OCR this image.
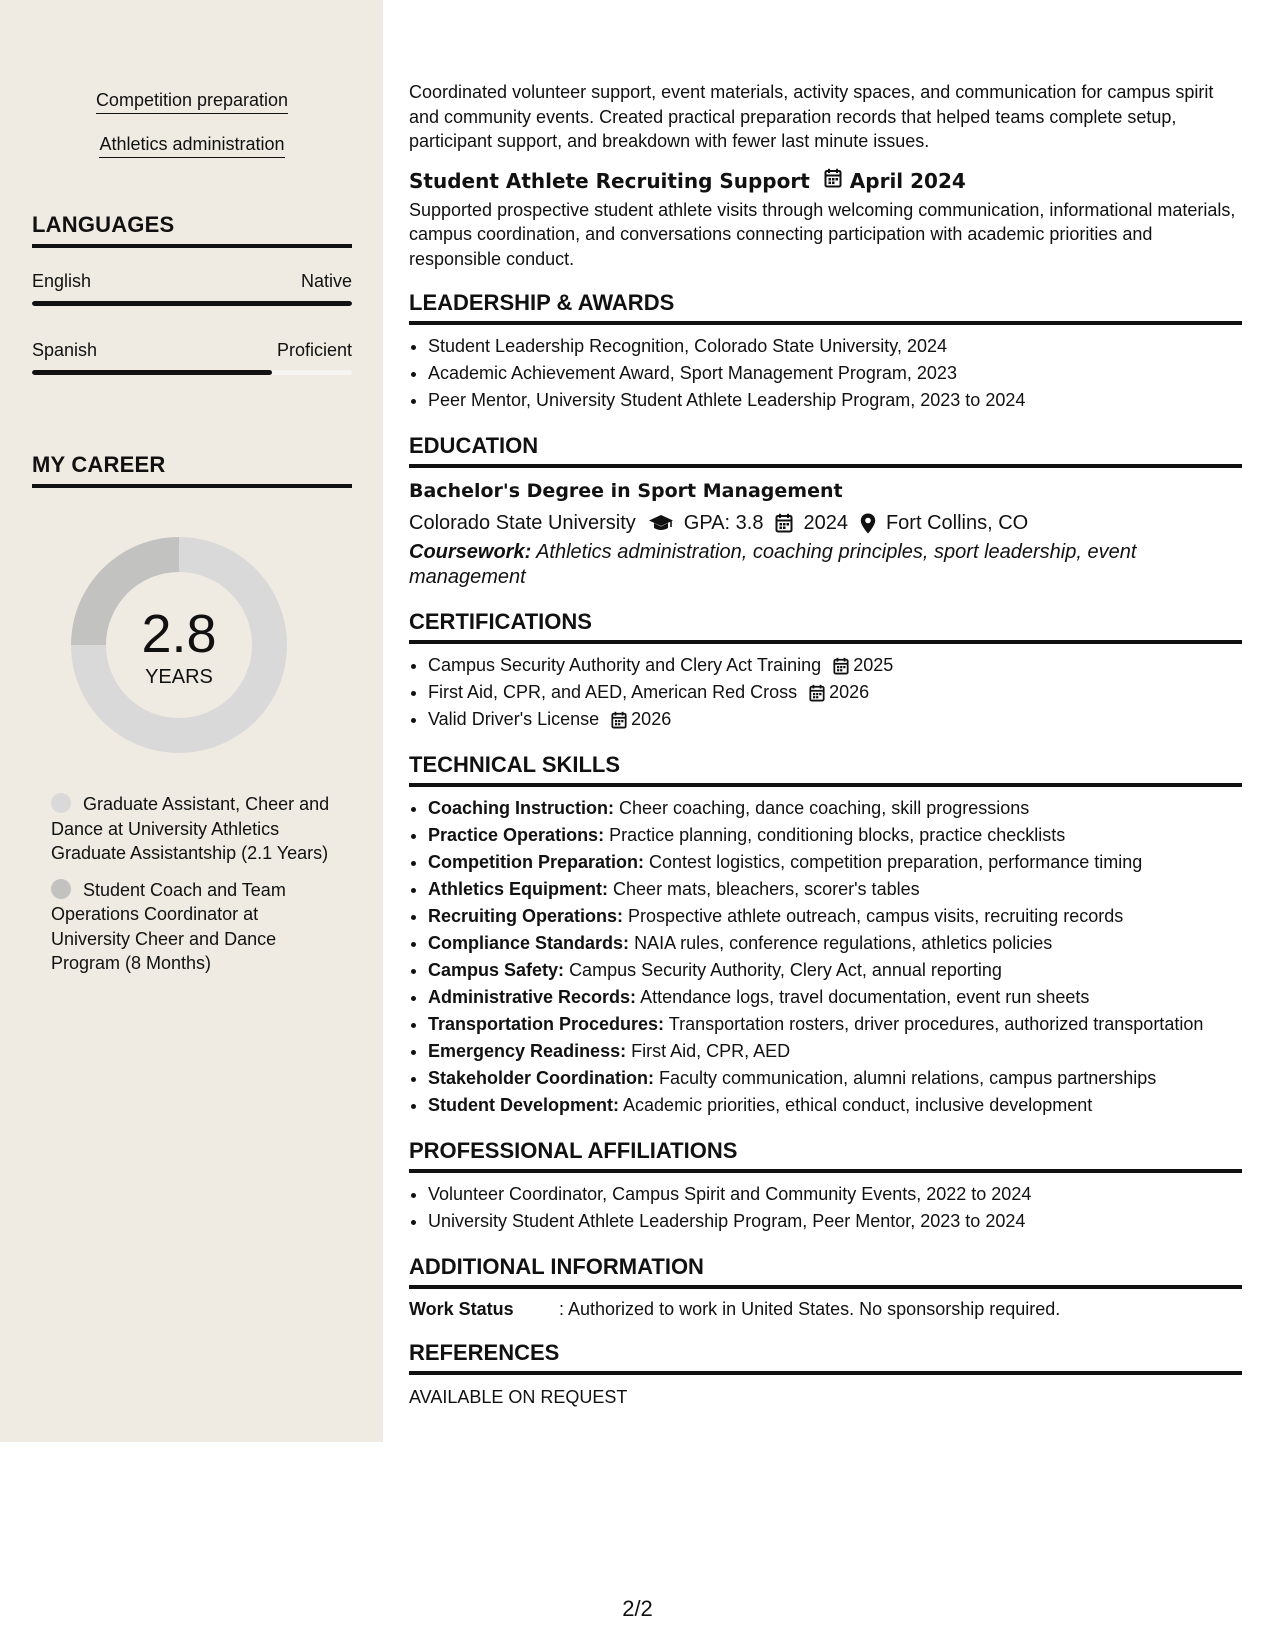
Competition preparation
Athletics administration
LANGUAGES
English	Native
Spanish	Proficient
MY CAREER
2.8
YEARS
Graduate Assistant, Cheer and Dance at University Athletics Graduate Assistantship (2.1 Years)
Student Coach and Team Operations Coordinator at University Cheer and Dance Program (8 Months)

Coordinated volunteer support, event materials, activity spaces, and communication for campus spirit and community events. Created practical preparation records that helped teams complete setup, participant support, and breakdown with fewer last minute issues.

Student Athlete Recruiting Support April 2024

Supported prospective student athlete visits through welcoming communication, informational materials, campus coordination, and conversations connecting participation with academic priorities and responsible conduct.

LEADERSHIP & AWARDS
• Student Leadership Recognition, Colorado State University, 2024
• Academic Achievement Award, Sport Management Program, 2023
• Peer Mentor, University Student Athlete Leadership Program, 2023 to 2024
EDUCATION
Bachelor's Degree in Sport Management
Colorado State University GPA: 3.8 2024 Fort Collins, CO

Coursework: Athletics administration, coaching principles, sport leadership, event management

CERTIFICATIONS
• Campus Security Authority and Clery Act Training 2025
• First Aid, CPR, and AED, American Red Cross 2026
• Valid Driver's License 2026
TECHNICAL SKILLS
• Coaching Instruction: Cheer coaching, dance coaching, skill progressions
• Practice Operations: Practice planning, conditioning blocks, practice checklists
• Competition Preparation: Contest logistics, competition preparation, performance timing
• Athletics Equipment: Cheer mats, bleachers, scorer's tables
• Recruiting Operations: Prospective athlete outreach, campus visits, recruiting records
• Compliance Standards: NAIA rules, conference regulations, athletics policies
• Campus Safety: Campus Security Authority, Clery Act, annual reporting
• Administrative Records: Attendance logs, travel documentation, event run sheets
• Transportation Procedures: Transportation rosters, driver procedures, authorized transportation
• Emergency Readiness: First Aid, CPR, AED
• Stakeholder Coordination: Faculty communication, alumni relations, campus partnerships
• Student Development: Academic priorities, ethical conduct, inclusive development
PROFESSIONAL AFFILIATIONS
• Volunteer Coordinator, Campus Spirit and Community Events, 2022 to 2024
• University Student Athlete Leadership Program, Peer Mentor, 2023 to 2024
ADDITIONAL INFORMATION
Work Status	: Authorized to work in United States. No sponsorship required.
REFERENCES
AVAILABLE ON REQUEST
2/2
